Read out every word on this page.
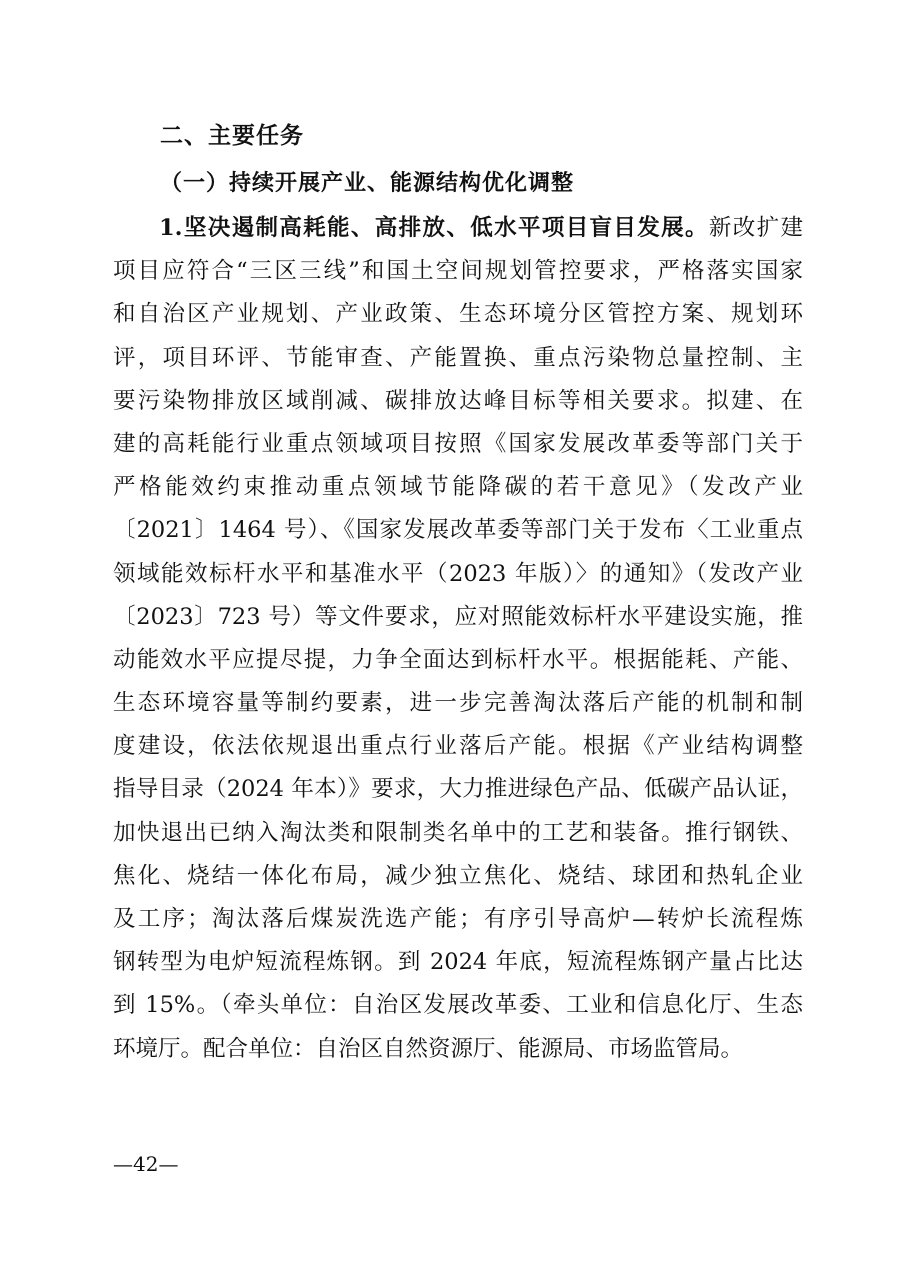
二、主要任务
（一）持续开展产业、能源结构优化调整
1.坚决遏制高耗能、高排放、低水平项目盲目发展。新改扩建
项目应符合“三区三线”和国土空间规划管控要求，严格落实国家
和自治区产业规划、产业政策、生态环境分区管控方案、规划环
评，项目环评、节能审查、产能置换、重点污染物总量控制、主
要污染物排放区域削减、碳排放达峰目标等相关要求。拟建、在
建的高耗能行业重点领域项目按照《国家发展改革委等部门关于
严格能效约束推动重点领域节能降碳的若干意见》（发改产业
〔2021〕1464 号）、《国家发展改革委等部门关于发布〈工业重点
领域能效标杆水平和基准水平（2023 年版）〉的通知》（发改产业
〔2023〕723 号）等文件要求，应对照能效标杆水平建设实施，推
动能效水平应提尽提，力争全面达到标杆水平。根据能耗、产能、
生态环境容量等制约要素，进一步完善淘汰落后产能的机制和制
度建设，依法依规退出重点行业落后产能。根据《产业结构调整
指导目录（2024 年本）》要求，大力推进绿色产品、低碳产品认证，
加快退出已纳入淘汰类和限制类名单中的工艺和装备。推行钢铁、
焦化、烧结一体化布局，减少独立焦化、烧结、球团和热轧企业
及工序；淘汰落后煤炭洗选产能；有序引导高炉—转炉长流程炼
钢转型为电炉短流程炼钢。到 2024 年底，短流程炼钢产量占比达
到 15%。（牵头单位：自治区发展改革委、工业和信息化厅、生态
环境厅。配合单位：自治区自然资源厅、能源局、市场监管局。
—42—
